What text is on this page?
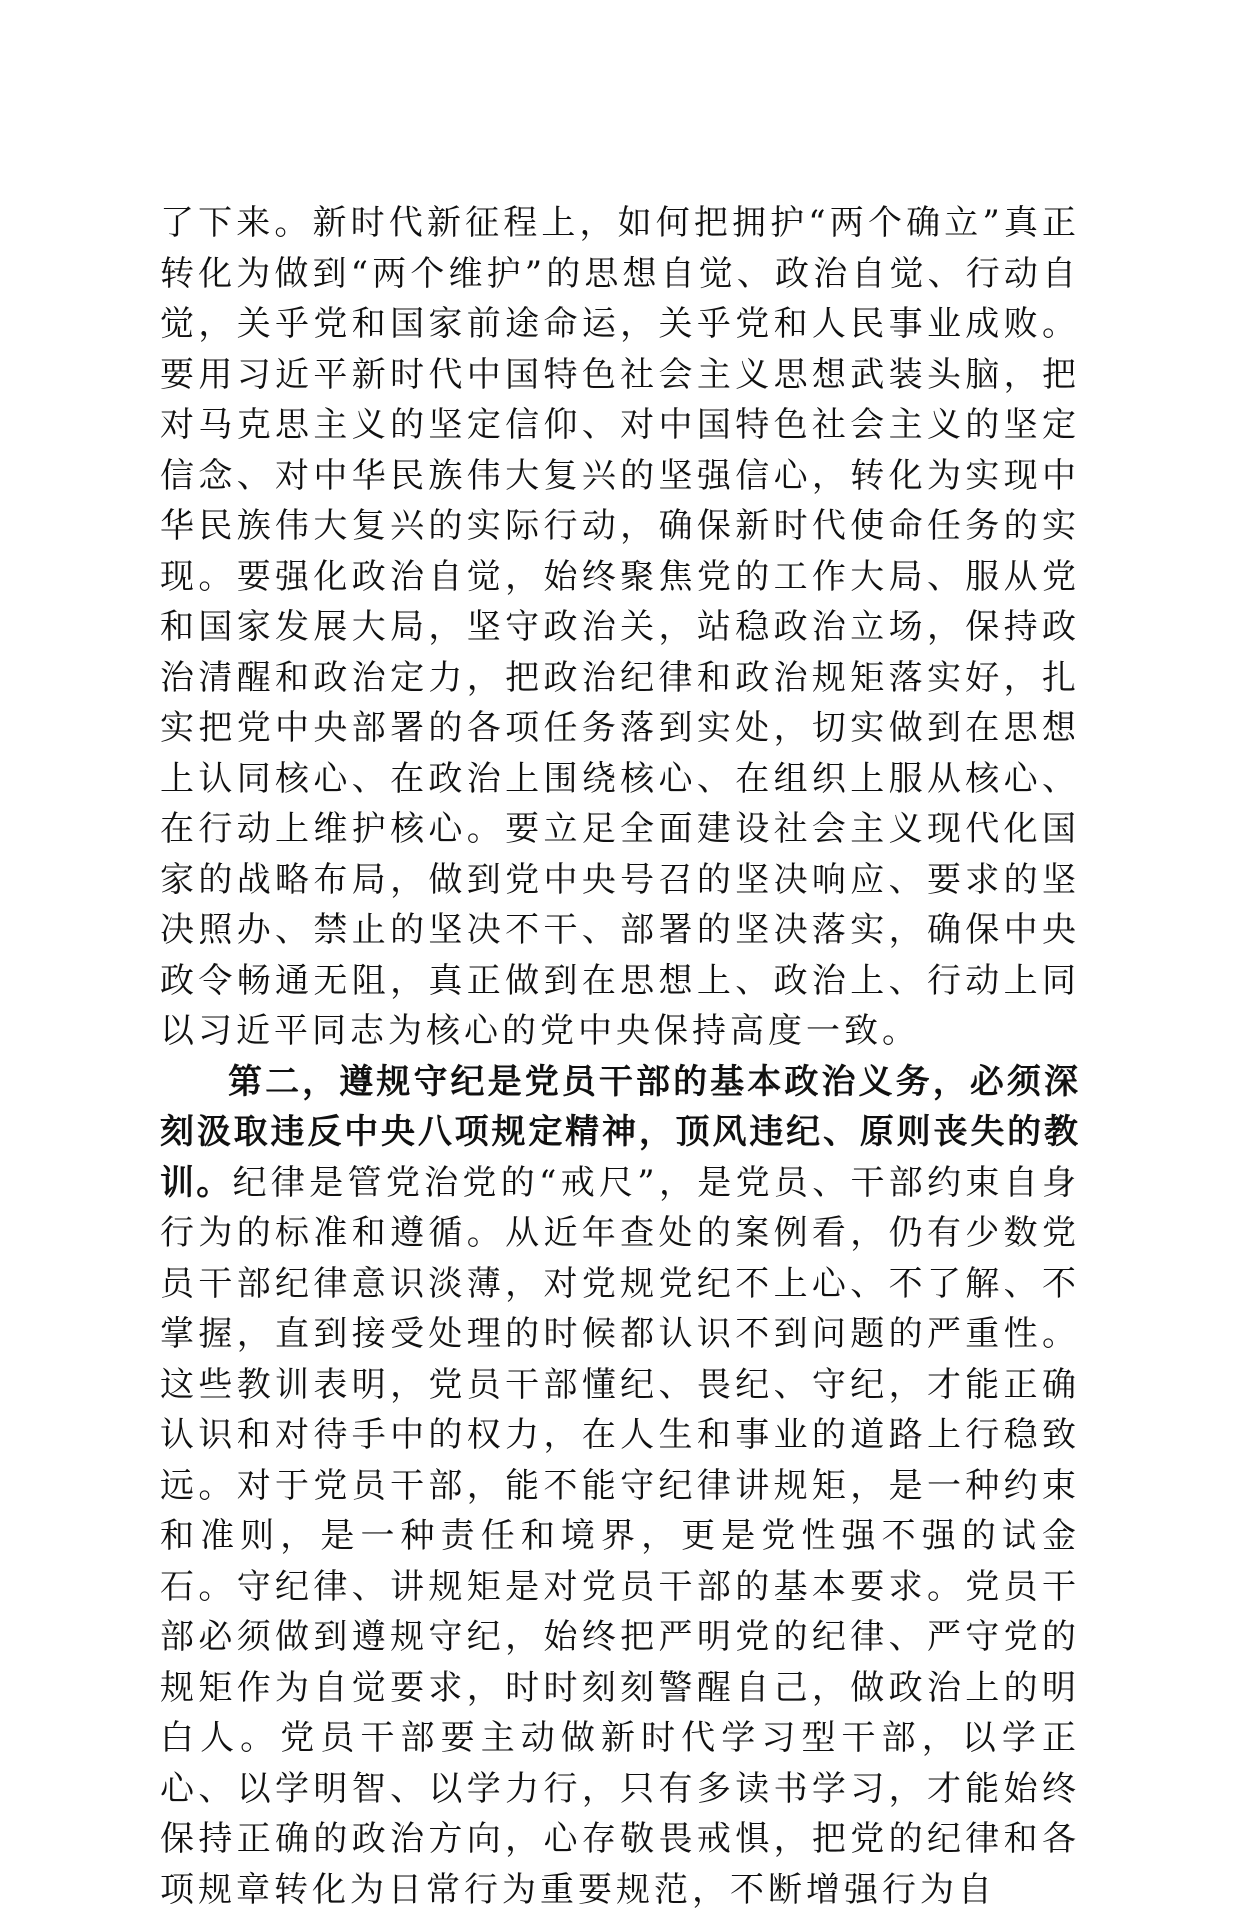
了下来。新时代新征程上，如何把拥护“两个确立”真正转化为做到“两个维护”的思想自觉、政治自觉、行动自觉，关乎党和国家前途命运，关乎党和人民事业成败。要用习近平新时代中国特色社会主义思想武装头脑，把对马克思主义的坚定信仰、对中国特色社会主义的坚定信念、对中华民族伟大复兴的坚强信心，转化为实现中华民族伟大复兴的实际行动，确保新时代使命任务的实现。要强化政治自觉，始终聚焦党的工作大局、服从党和国家发展大局，坚守政治关，站稳政治立场，保持政治清醒和政治定力，把政治纪律和政治规矩落实好，扎实把党中央部署的各项任务落到实处，切实做到在思想上认同核心、在政治上围绕核心、在组织上服从核心、在行动上维护核心。要立足全面建设社会主义现代化国家的战略布局，做到党中央号召的坚决响应、要求的坚决照办、禁止的坚决不干、部署的坚决落实，确保中央政令畅通无阻，真正做到在思想上、政治上、行动上同以习近平同志为核心的党中央保持高度一致。

第二，遵规守纪是党员干部的基本政治义务，必须深刻汲取违反中央八项规定精神，顶风违纪、原则丧失的教训。纪律是管党治党的“戒尺”，是党员、干部约束自身行为的标准和遵循。从近年查处的案例看，仍有少数党员干部纪律意识淡薄，对党规党纪不上心、不了解、不掌握，直到接受处理的时候都认识不到问题的严重性。这些教训表明，党员干部懂纪、畏纪、守纪，才能正确认识和对待手中的权力，在人生和事业的道路上行稳致远。对于党员干部，能不能守纪律讲规矩，是一种约束和准则，是一种责任和境界，更是党性强不强的试金石。守纪律、讲规矩是对党员干部的基本要求。党员干部必须做到遵规守纪，始终把严明党的纪律、严守党的规矩作为自觉要求，时时刻刻警醒自己，做政治上的明白人。党员干部要主动做新时代学习型干部，以学正心、以学明智、以学力行，只有多读书学习，才能始终保持正确的政治方向，心存敬畏戒惧，把党的纪律和各项规章转化为日常行为重要规范，不断增强行为自
